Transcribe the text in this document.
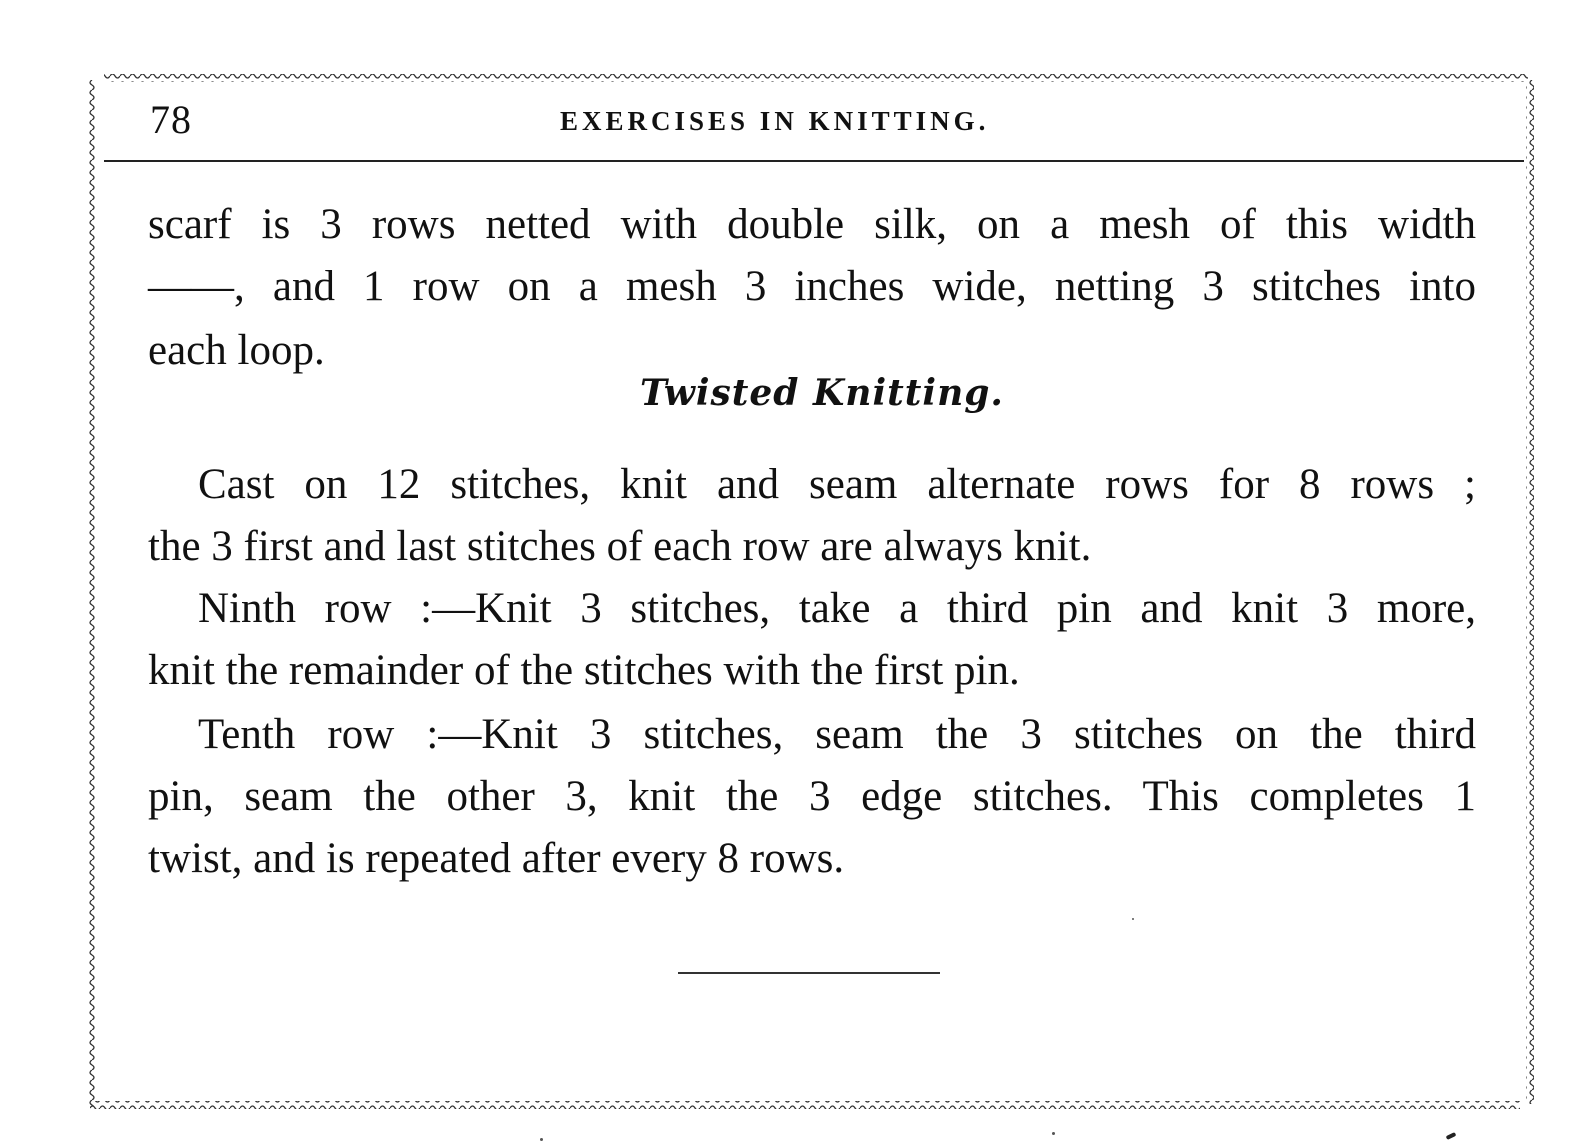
78	EXERCISES IN KNITTING.
scarf is 3 rows netted with double silk, on a mesh of this width
——, and 1 row on a mesh 3 inches wide, netting 3 stitches into
each loop.
Twisted Knitting.
Cast on 12 stitches, knit and seam alternate rows for 8 rows ;
the 3 first and last stitches of each row are always knit.
Ninth row :—Knit 3 stitches, take a third pin and knit 3 more,
knit the remainder of the stitches with the first pin.
Tenth row :—Knit 3 stitches, seam the 3 stitches on the third
pin, seam the other 3, knit the 3 edge stitches. This completes 1
twist, and is repeated after every 8 rows.
